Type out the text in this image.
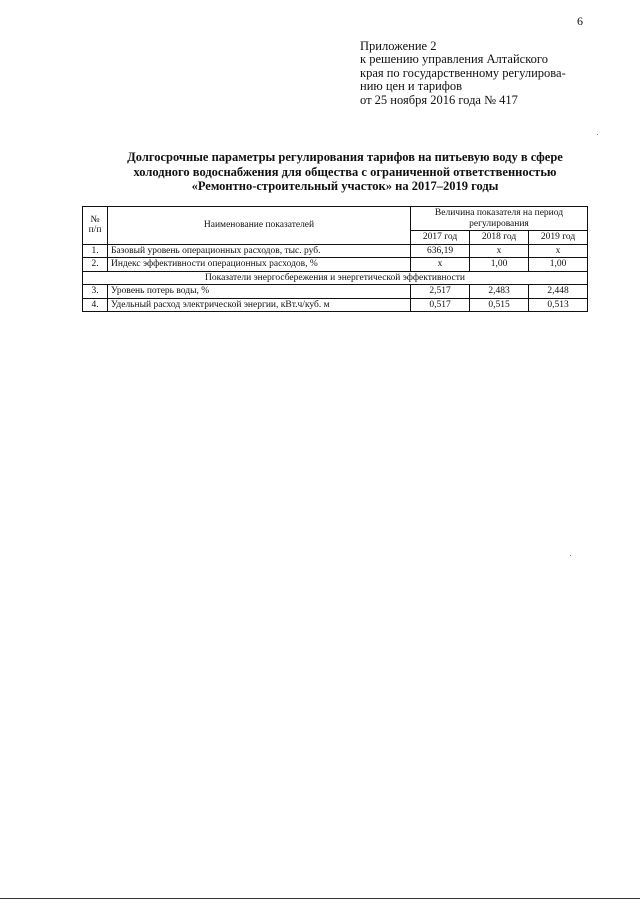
6
Приложение 2
к решению управления Алтайского
края по государственному регулирова-
нию цен и тарифов
от 25 ноября 2016 года № 417
Долгосрочные параметры регулирования тарифов на питьевую воду в сфере
холодного водоснабжения для общества с ограниченной ответственностью
«Ремонтно-строительный участок» на 2017–2019 годы
№
п/п	Наименование показателей	Величина показателя на период регулирования		
		2017 год	2018 год	2019 год
1.	Базовый уровень операционных расходов, тыс. руб.	636,19	x	x
2.	Индекс эффективности операционных расходов, %	x	1,00	1,00
Показатели энергосбережения и энергетической эффективности				
3.	Уровень потерь воды, %	2,517	2,483	2,448
4.	Удельный расход электрической энергии, кВт.ч/куб. м	0,517	0,515	0,513
